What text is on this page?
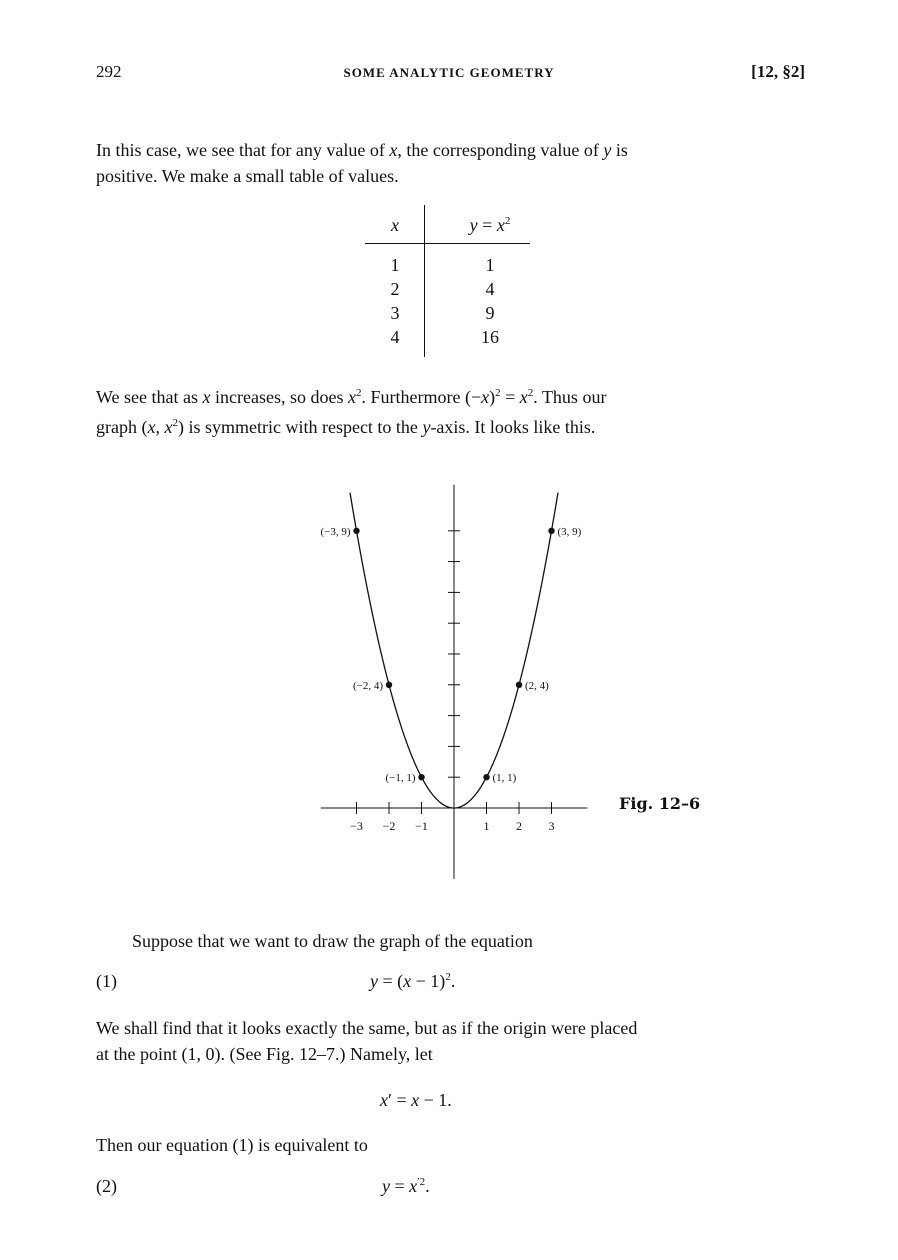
292	SOME ANALYTIC GEOMETRY	[12, §2]
In this case, we see that for any value of x, the corresponding value of y is
positive. We make a small table of values.
x	$y = x^2$
1	1
2	4
3	9
4	16
We see that as x increases, so does $x^2$. Furthermore $(-x)^2 = x^2$. Thus our
graph (x, $x^2$) is symmetric with respect to the y-axis. It looks like this.
−3 −2 −1	1 2 3
(−3, 9)	(3, 9)
(−2, 4)	(2, 4)
(−1, 1)	(1, 1)
Fig. 12–6
Suppose that we want to draw the graph of the equation
(1)	$y = (x - 1)^2$.
We shall find that it looks exactly the same, but as if the origin were placed
at the point (1, 0). (See Fig. 12–7.) Namely, let
x′ = x − 1.
Then our equation (1) is equivalent to
(2)	$y = x^{'2}$.
